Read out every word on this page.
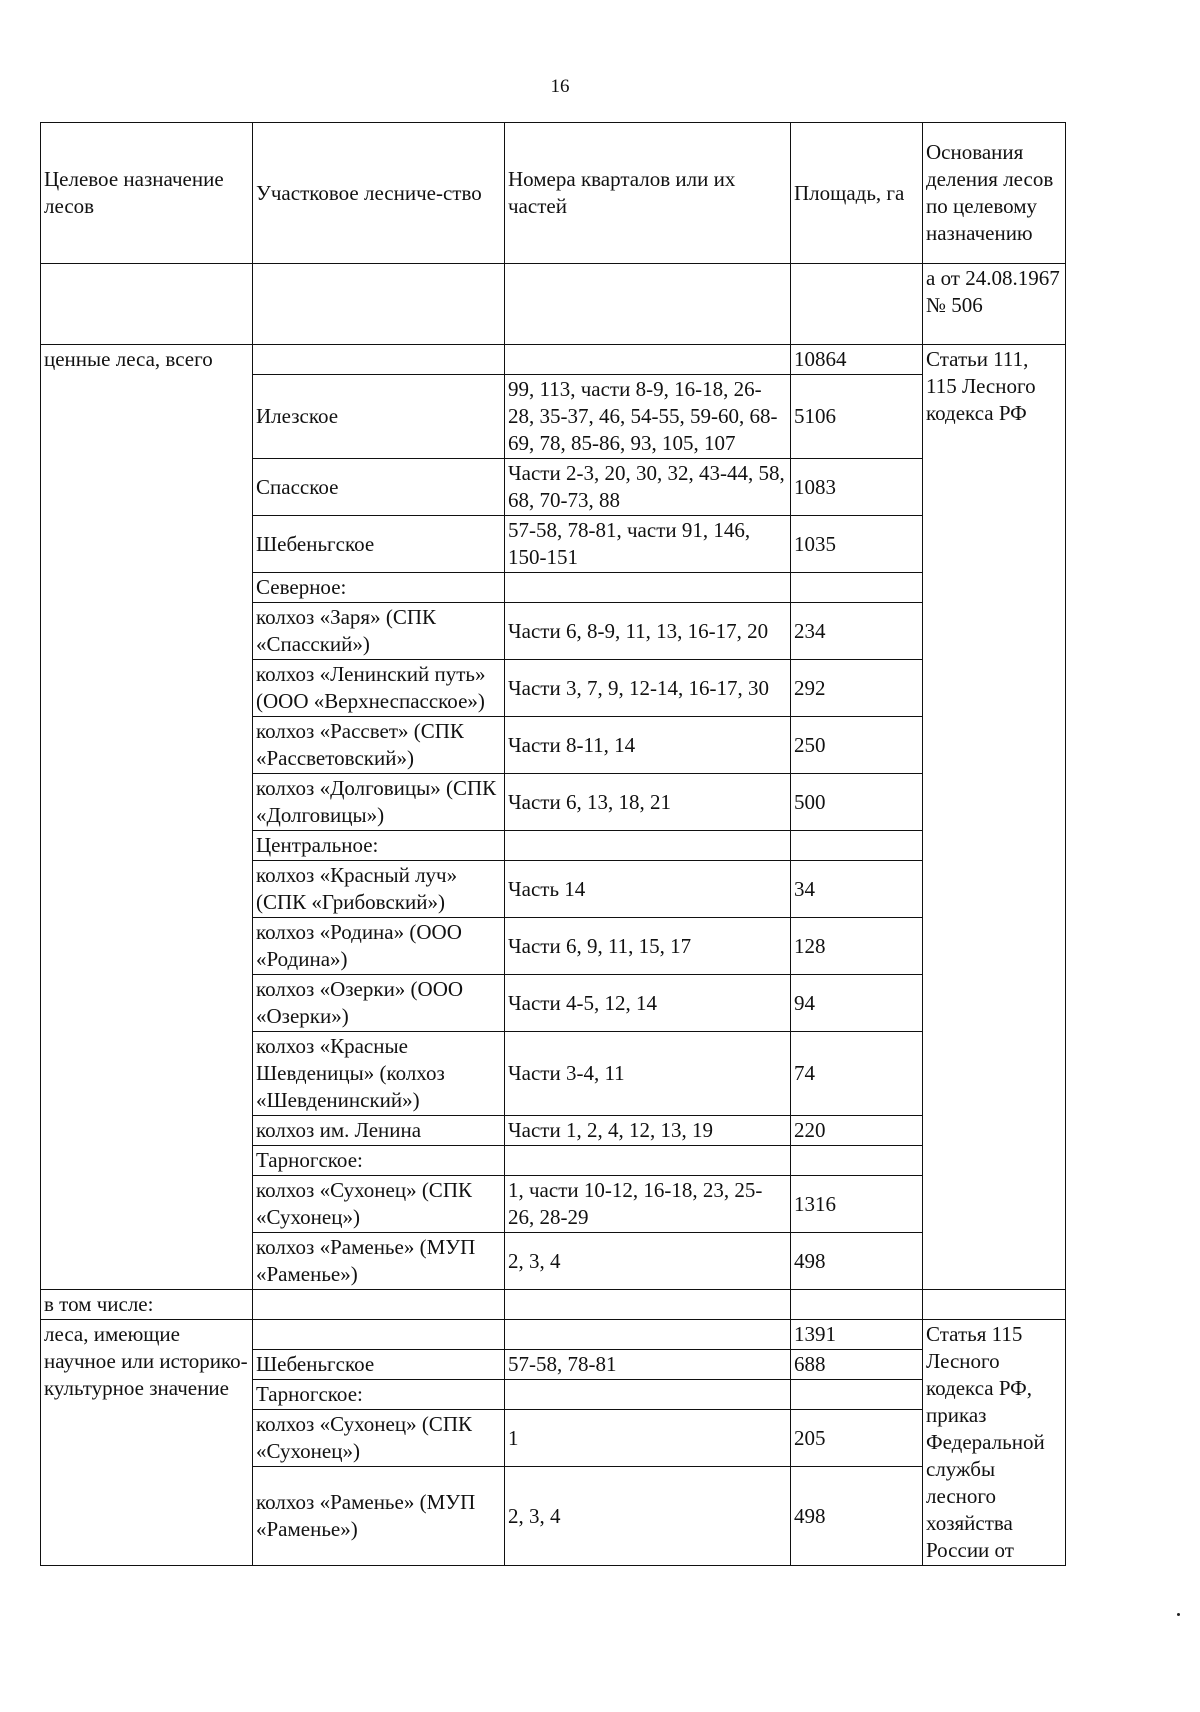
16
Целевое назначение лесов	Участковое лесниче-ство	Номера кварталов или их частей	Площадь, га	Основания деления лесов по целевому назначению
				а от 24.08.1967 № 506
ценные леса, всего			10864	Статьи 111, 115 Лесного кодекса РФ
	Илезское	99, 113, части 8-9, 16-18, 26-28, 35-37, 46, 54-55, 59-60, 68-69, 78, 85-86, 93, 105, 107	5106	
	Спасское	Части 2-3, 20, 30, 32, 43-44, 58, 68, 70-73, 88	1083	
	Шебеньгское	57-58, 78-81, части 91, 146, 150-151	1035	
	Северное:			
	колхоз «Заря» (СПК «Спасский»)	Части 6, 8-9, 11, 13, 16-17, 20	234	
	колхоз «Ленинский путь» (ООО «Верхнеспасское»)	Части 3, 7, 9, 12-14, 16-17, 30	292	
	колхоз «Рассвет» (СПК «Рассветовский»)	Части 8-11, 14	250	
	колхоз «Долговицы» (СПК «Долговицы»)	Части 6, 13, 18, 21	500	
	Центральное:			
	колхоз «Красный луч» (СПК «Грибовский»)	Часть 14	34	
	колхоз «Родина» (ООО «Родина»)	Части 6, 9, 11, 15, 17	128	
	колхоз «Озерки» (ООО «Озерки»)	Части 4-5, 12, 14	94	
	колхоз «Красные Шевденицы» (колхоз «Шевденинский»)	Части 3-4, 11	74	
	колхоз им. Ленина	Части 1, 2, 4, 12, 13, 19	220	
	Тарногское:			
	колхоз «Сухонец» (СПК «Сухонец»)	1, части 10-12, 16-18, 23, 25-26, 28-29	1316	
	колхоз «Раменье» (МУП «Раменье»)	2, 3, 4	498	
в том числе:				
леса, имеющие научное или историко-культурное значение			1391	Статья 115 Лесного кодекса РФ, приказ Федеральной службы лесного хозяйства России от
	Шебеньгское	57-58, 78-81	688	
	Тарногское:			
	колхоз «Сухонец» (СПК «Сухонец»)	1	205	
	колхоз «Раменье» (МУП «Раменье»)	2, 3, 4	498	
